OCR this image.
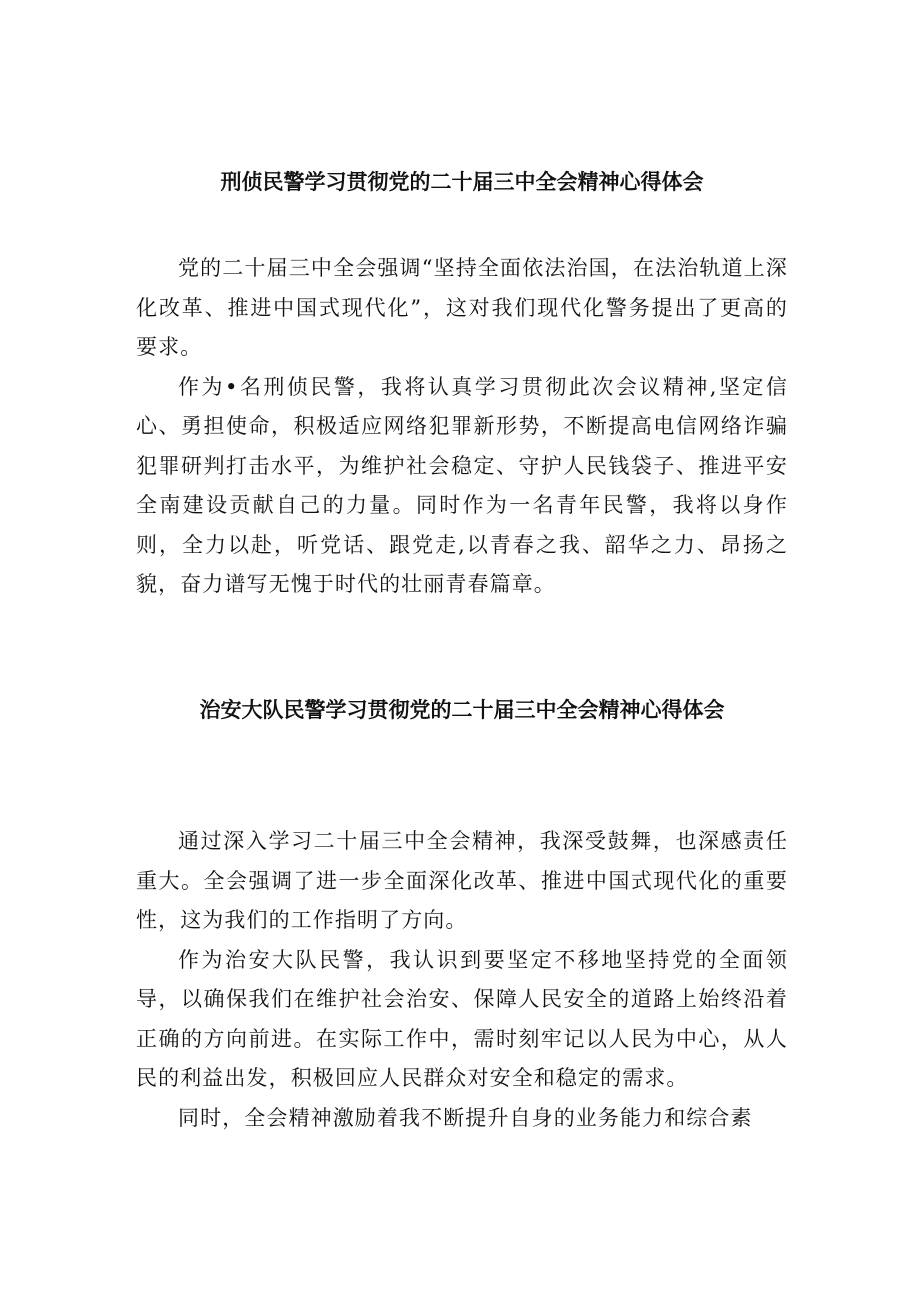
刑侦民警学习贯彻党的二十届三中全会精神心得体会

党的二十届三中全会强调“坚持全面依法治国，在法治轨道上深化改革、推进中国式现代化”，这对我们现代化警务提出了更高的要求。

作为•名刑侦民警，我将认真学习贯彻此次会议精神,坚定信心、勇担使命，积极适应网络犯罪新形势，不断提高电信网络诈骗犯罪研判打击水平，为维护社会稳定、守护人民钱袋子、推进平安全南建设贡献自己的力量。同时作为一名青年民警，我将以身作则，全力以赴，听党话、跟党走,以青春之我、韶华之力、昂扬之貌，奋力谱写无愧于时代的壮丽青春篇章。

治安大队民警学习贯彻党的二十届三中全会精神心得体会

通过深入学习二十届三中全会精神，我深受鼓舞，也深感责任重大。全会强调了进一步全面深化改革、推进中国式现代化的重要性，这为我们的工作指明了方向。

作为治安大队民警，我认识到要坚定不移地坚持党的全面领导，以确保我们在维护社会治安、保障人民安全的道路上始终沿着正确的方向前进。在实际工作中，需时刻牢记以人民为中心，从人民的利益出发，积极回应人民群众对安全和稳定的需求。

同时，全会精神激励着我不断提升自身的业务能力和综合素
